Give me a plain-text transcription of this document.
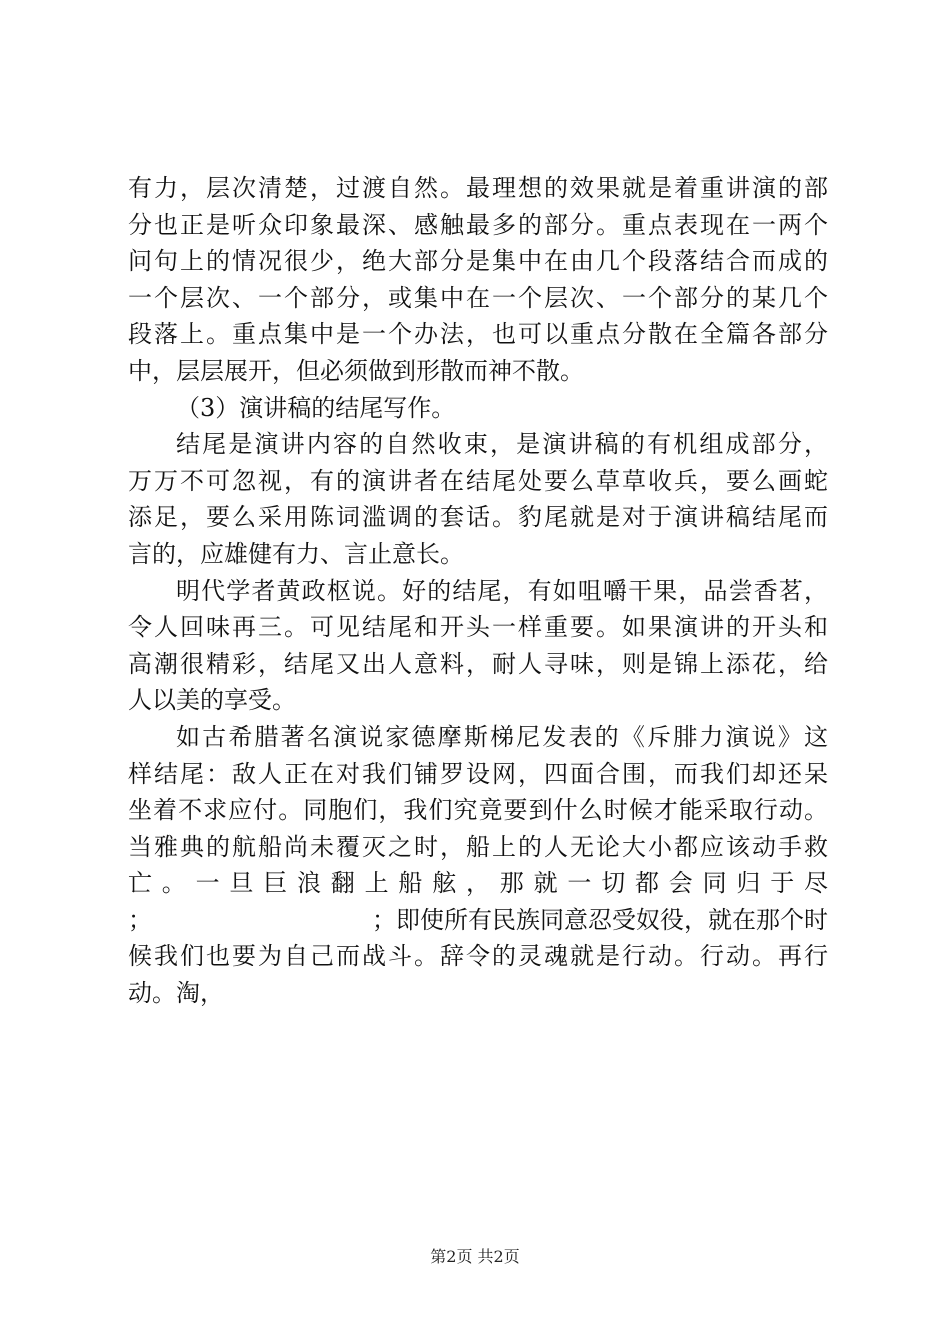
有力，层次清楚，过渡自然。最理想的效果就是着重讲演的部
分也正是听众印象最深、感触最多的部分。重点表现在一两个
问句上的情况很少，绝大部分是集中在由几个段落结合而成的
一个层次、一个部分，或集中在一个层次、一个部分的某几个
段落上。重点集中是一个办法，也可以重点分散在全篇各部分
中，层层展开，但必须做到形散而神不散。
（3）演讲稿的结尾写作。
结尾是演讲内容的自然收束，是演讲稿的有机组成部分，
万万不可忽视，有的演讲者在结尾处要么草草收兵，要么画蛇
添足，要么采用陈词滥调的套话。豹尾就是对于演讲稿结尾而
言的，应雄健有力、言止意长。
明代学者黄政枢说。好的结尾，有如咀嚼干果，品尝香茗，
令人回味再三。可见结尾和开头一样重要。如果演讲的开头和
高潮很精彩，结尾又出人意料，耐人寻味，则是锦上添花，给
人以美的享受。
如古希腊著名演说家德摩斯梯尼发表的《斥腓力演说》这
样结尾：敌人正在对我们铺罗设网，四面合围，而我们却还呆
坐着不求应付。同胞们，我们究竟要到什么时候才能采取行动。
当雅典的航船尚未覆灭之时，船上的人无论大小都应该动手救
亡。一旦巨浪翻上船舷，那就一切都会同归于尽
；	；即使所有民族同意忍受奴役，就在那个时
候我们也要为自己而战斗。辞令的灵魂就是行动。行动。再行
动。淘，
第2页 共2页
